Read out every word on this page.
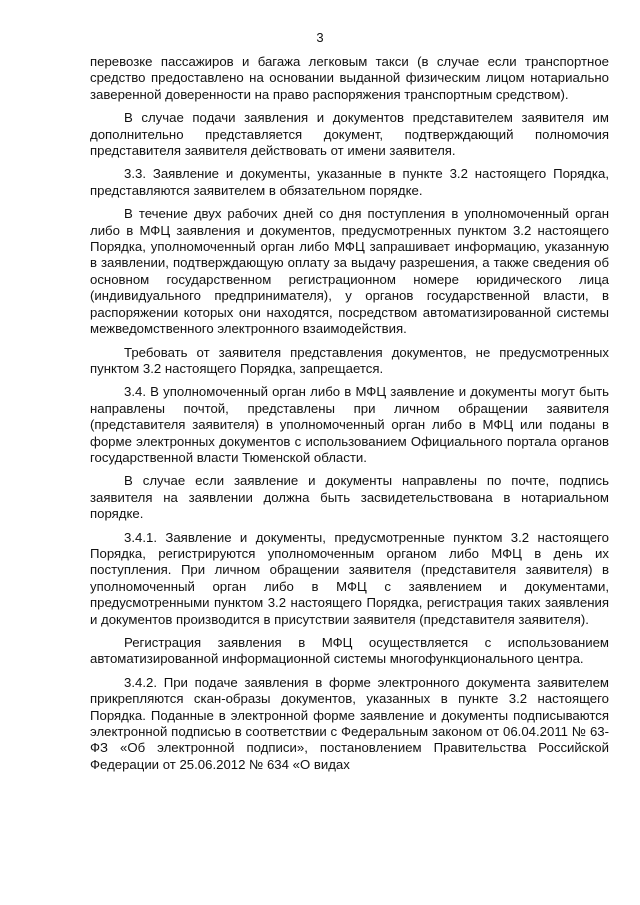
3

перевозке пассажиров и багажа легковым такси (в случае если транспортное средство предоставлено на основании выданной физическим лицом нотариально заверенной доверенности на право распоряжения транспортным средством).

В случае подачи заявления и документов представителем заявителя им дополнительно представляется документ, подтверждающий полномочия представителя заявителя действовать от имени заявителя.

3.3. Заявление и документы, указанные в пункте 3.2 настоящего Порядка, представляются заявителем в обязательном порядке.

В течение двух рабочих дней со дня поступления в уполномоченный орган либо в МФЦ заявления и документов, предусмотренных пунктом 3.2 настоящего Порядка, уполномоченный орган либо МФЦ запрашивает информацию, указанную в заявлении, подтверждающую оплату за выдачу разрешения, а также сведения об основном государственном регистрационном номере юридического лица (индивидуального предпринимателя), у органов государственной власти, в распоряжении которых они находятся, посредством автоматизированной системы межведомственного электронного взаимодействия.

Требовать от заявителя представления документов, не предусмотренных пунктом 3.2 настоящего Порядка, запрещается.

3.4. В уполномоченный орган либо в МФЦ заявление и документы могут быть направлены почтой, представлены при личном обращении заявителя (представителя заявителя) в уполномоченный орган либо в МФЦ или поданы в форме электронных документов с использованием Официального портала органов государственной власти Тюменской области.

В случае если заявление и документы направлены по почте, подпись заявителя на заявлении должна быть засвидетельствована в нотариальном порядке.

3.4.1. Заявление и документы, предусмотренные пунктом 3.2 настоящего Порядка, регистрируются уполномоченным органом либо МФЦ в день их поступления. При личном обращении заявителя (представителя заявителя) в уполномоченный орган либо в МФЦ с заявлением и документами, предусмотренными пунктом 3.2 настоящего Порядка, регистрация таких заявления и документов производится в присутствии заявителя (представителя заявителя).

Регистрация заявления в МФЦ осуществляется с использованием автоматизированной информационной системы многофункционального центра.

3.4.2. При подаче заявления в форме электронного документа заявителем прикрепляются скан-образы документов, указанных в пункте 3.2 настоящего Порядка. Поданные в электронной форме заявление и документы подписываются электронной подписью в соответствии с Федеральным законом от 06.04.2011 № 63-ФЗ «Об электронной подписи», постановлением Правительства Российской Федерации от 25.06.2012 № 634 «О видах
